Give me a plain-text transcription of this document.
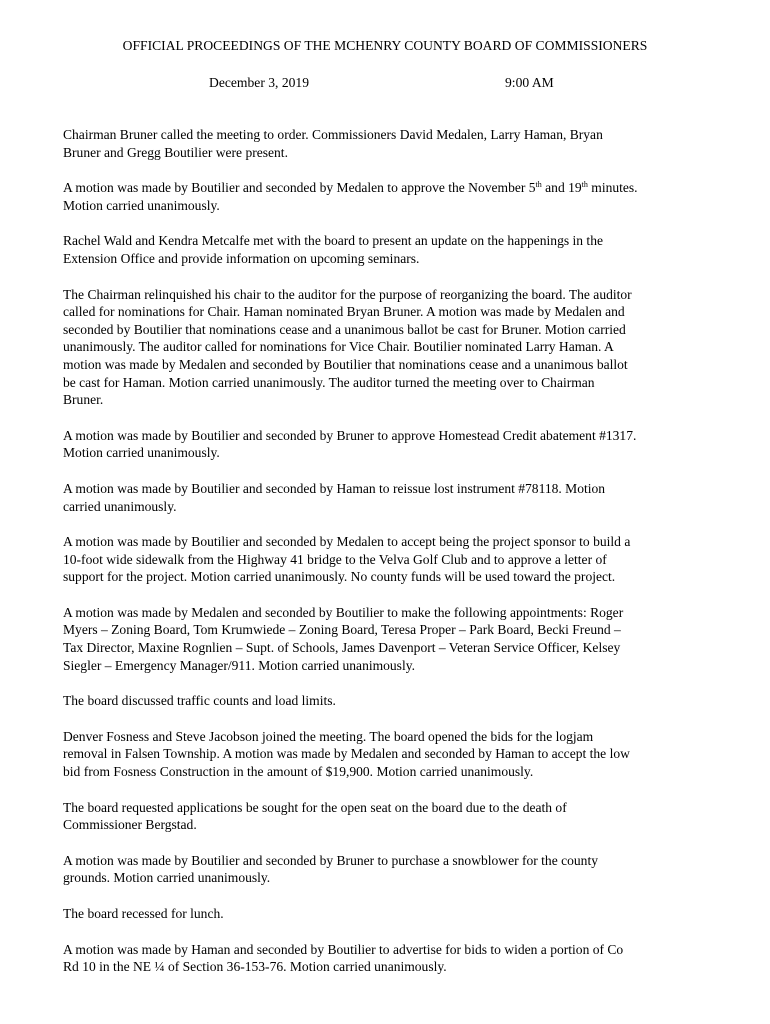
OFFICIAL PROCEEDINGS OF THE MCHENRY COUNTY BOARD OF COMMISSIONERS
December 3, 2019	9:00 AM

Chairman Bruner called the meeting to order. Commissioners David Medalen, Larry Haman, Bryan
Bruner and Gregg Boutilier were present.

A motion was made by Boutilier and seconded by Medalen to approve the November 5th and 19th minutes.
Motion carried unanimously.

Rachel Wald and Kendra Metcalfe met with the board to present an update on the happenings in the
Extension Office and provide information on upcoming seminars.

The Chairman relinquished his chair to the auditor for the purpose of reorganizing the board. The auditor
called for nominations for Chair. Haman nominated Bryan Bruner. A motion was made by Medalen and
seconded by Boutilier that nominations cease and a unanimous ballot be cast for Bruner. Motion carried
unanimously. The auditor called for nominations for Vice Chair. Boutilier nominated Larry Haman. A
motion was made by Medalen and seconded by Boutilier that nominations cease and a unanimous ballot
be cast for Haman. Motion carried unanimously. The auditor turned the meeting over to Chairman
Bruner.

A motion was made by Boutilier and seconded by Bruner to approve Homestead Credit abatement #1317.
Motion carried unanimously.

A motion was made by Boutilier and seconded by Haman to reissue lost instrument #78118. Motion
carried unanimously.

A motion was made by Boutilier and seconded by Medalen to accept being the project sponsor to build a
10-foot wide sidewalk from the Highway 41 bridge to the Velva Golf Club and to approve a letter of
support for the project. Motion carried unanimously. No county funds will be used toward the project.

A motion was made by Medalen and seconded by Boutilier to make the following appointments: Roger
Myers – Zoning Board, Tom Krumwiede – Zoning Board, Teresa Proper – Park Board, Becki Freund –
Tax Director, Maxine Rognlien – Supt. of Schools, James Davenport – Veteran Service Officer, Kelsey
Siegler – Emergency Manager/911. Motion carried unanimously.

The board discussed traffic counts and load limits.

Denver Fosness and Steve Jacobson joined the meeting. The board opened the bids for the logjam
removal in Falsen Township. A motion was made by Medalen and seconded by Haman to accept the low
bid from Fosness Construction in the amount of $19,900. Motion carried unanimously.

The board requested applications be sought for the open seat on the board due to the death of
Commissioner Bergstad.

A motion was made by Boutilier and seconded by Bruner to purchase a snowblower for the county
grounds. Motion carried unanimously.

The board recessed for lunch.

A motion was made by Haman and seconded by Boutilier to advertise for bids to widen a portion of Co
Rd 10 in the NE ¼ of Section 36-153-76. Motion carried unanimously.
